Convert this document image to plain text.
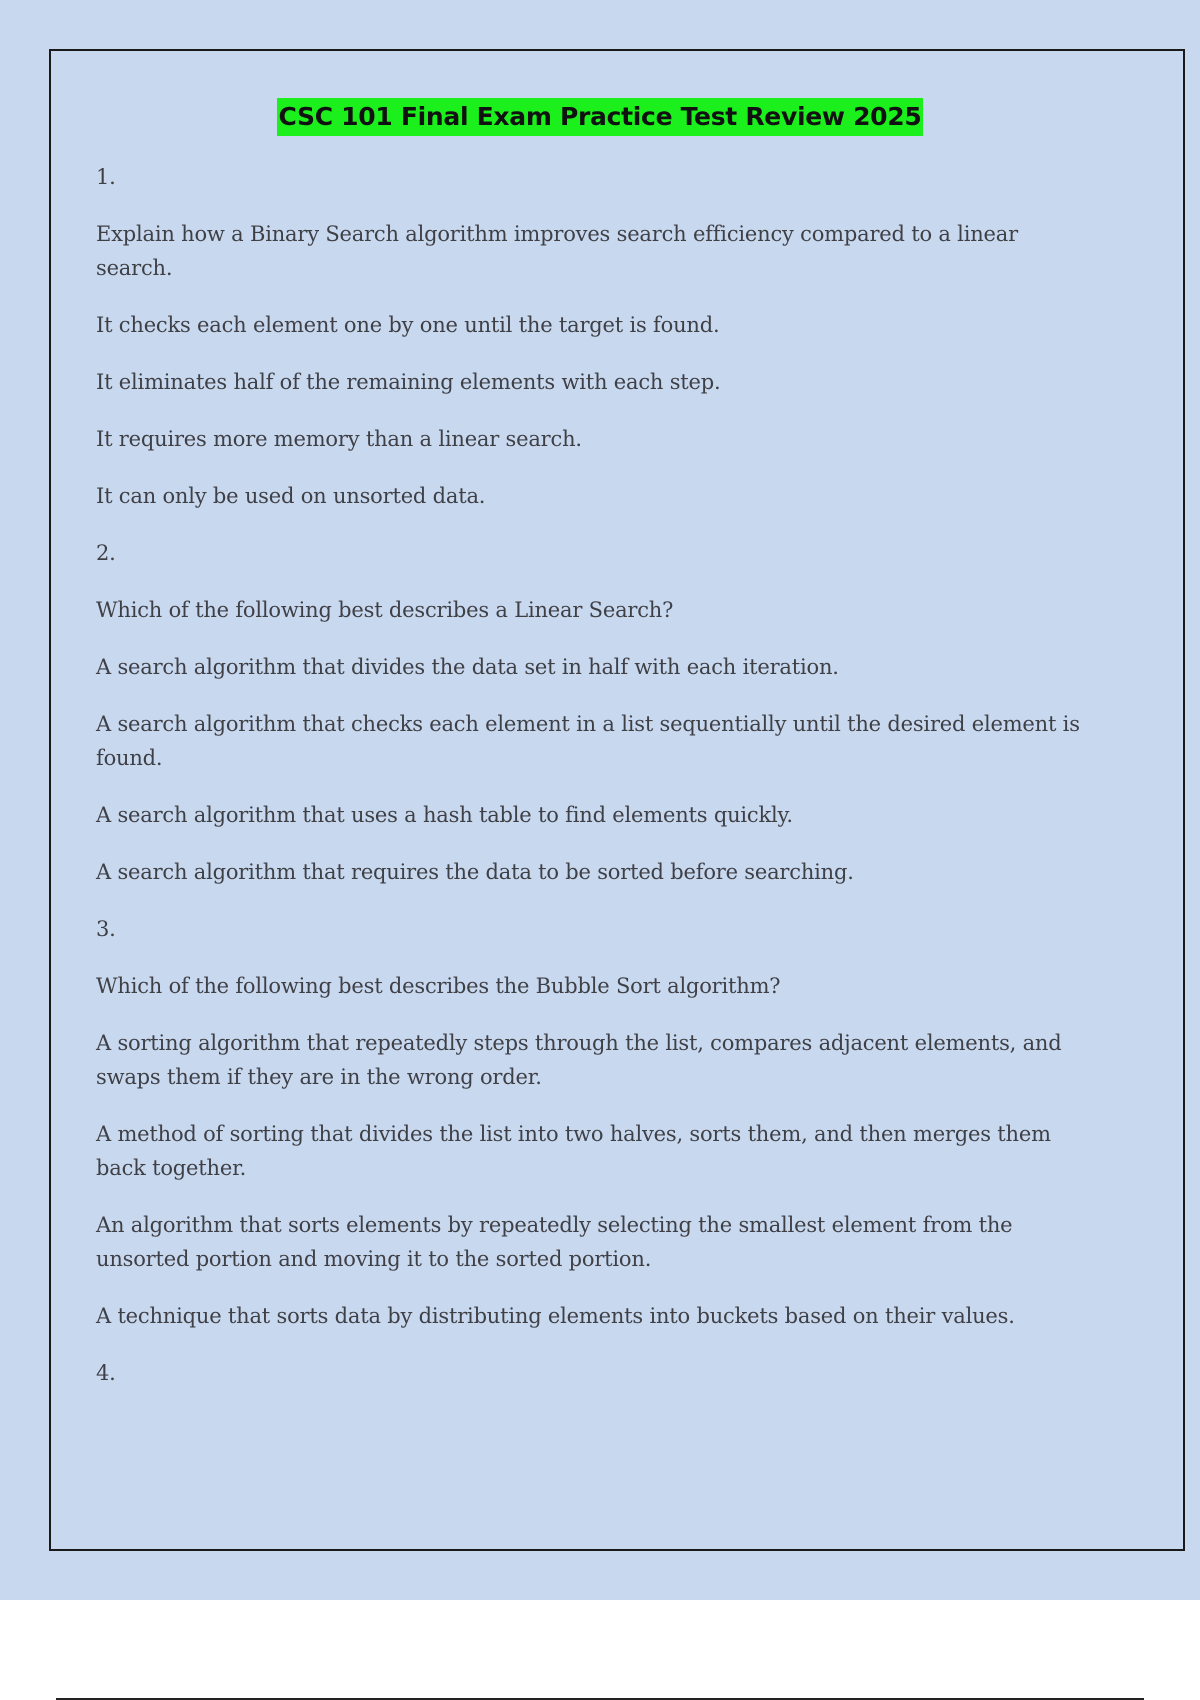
CSC 101 Final Exam Practice Test Review 2025

1.

Explain how a Binary Search algorithm improves search efficiency compared to a linear search.

It checks each element one by one until the target is found.

It eliminates half of the remaining elements with each step.

It requires more memory than a linear search.

It can only be used on unsorted data.

2.

Which of the following best describes a Linear Search?

A search algorithm that divides the data set in half with each iteration.

A search algorithm that checks each element in a list sequentially until the desired element is found.

A search algorithm that uses a hash table to find elements quickly.

A search algorithm that requires the data to be sorted before searching.

3.

Which of the following best describes the Bubble Sort algorithm?

A sorting algorithm that repeatedly steps through the list, compares adjacent elements, and swaps them if they are in the wrong order.

A method of sorting that divides the list into two halves, sorts them, and then merges them back together.

An algorithm that sorts elements by repeatedly selecting the smallest element from the unsorted portion and moving it to the sorted portion.

A technique that sorts data by distributing elements into buckets based on their values.

4.
